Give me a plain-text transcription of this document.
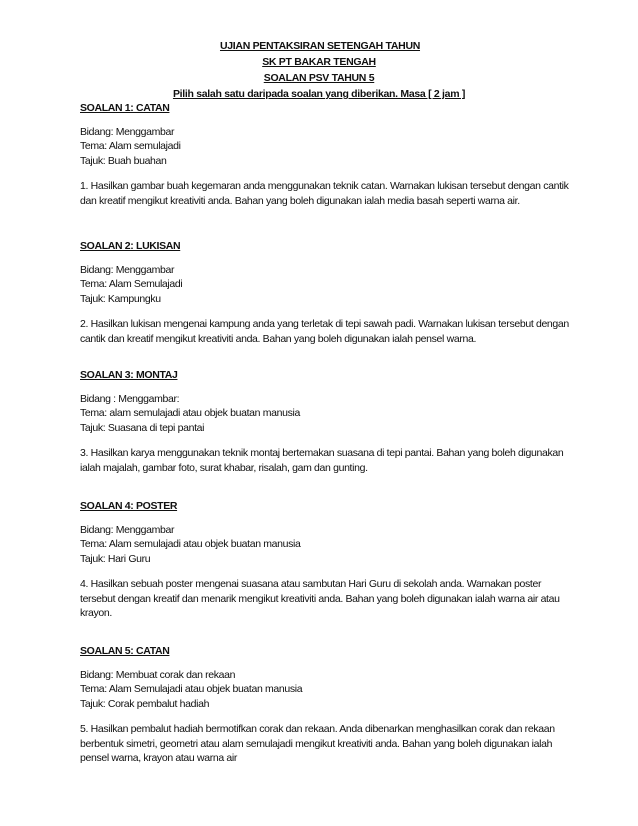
UJIAN PENTAKSIRAN SETENGAH TAHUN
SK PT BAKAR TENGAH
SOALAN PSV TAHUN 5
Pilih salah satu daripada soalan yang diberikan. Masa [ 2 jam ]
SOALAN 1: CATAN
Bidang: Menggambar
Tema: Alam semulajadi
Tajuk: Buah buahan
1. Hasilkan gambar buah kegemaran anda menggunakan teknik catan. Warnakan lukisan tersebut dengan cantik dan kreatif mengikut kreativiti anda. Bahan yang boleh digunakan ialah media basah seperti warna air.
SOALAN 2: LUKISAN
Bidang: Menggambar
Tema: Alam Semulajadi
Tajuk: Kampungku
2. Hasilkan lukisan mengenai kampung anda yang terletak di tepi sawah padi. Warnakan lukisan tersebut dengan cantik dan kreatif mengikut kreativiti anda. Bahan yang boleh digunakan ialah pensel warna.
SOALAN 3: MONTAJ
Bidang : Menggambar:
Tema: alam semulajadi atau objek buatan manusia
Tajuk: Suasana di tepi pantai
3. Hasilkan karya menggunakan teknik montaj bertemakan suasana di tepi pantai. Bahan yang boleh digunakan ialah majalah, gambar foto, surat khabar, risalah, gam dan gunting.
SOALAN 4: POSTER
Bidang: Menggambar
Tema: Alam semulajadi atau objek buatan manusia
Tajuk: Hari Guru
4. Hasilkan sebuah poster mengenai suasana atau sambutan Hari Guru di sekolah anda. Warnakan poster tersebut dengan kreatif dan menarik mengikut kreativiti anda. Bahan yang boleh digunakan ialah warna air atau krayon.
SOALAN 5: CATAN
Bidang: Membuat corak dan rekaan
Tema: Alam Semulajadi atau objek buatan manusia
Tajuk: Corak pembalut hadiah
5. Hasilkan pembalut hadiah bermotifkan corak dan rekaan. Anda dibenarkan menghasilkan corak dan rekaan berbentuk simetri, geometri atau alam semulajadi mengikut kreativiti anda. Bahan yang boleh digunakan ialah pensel warna, krayon atau warna air
